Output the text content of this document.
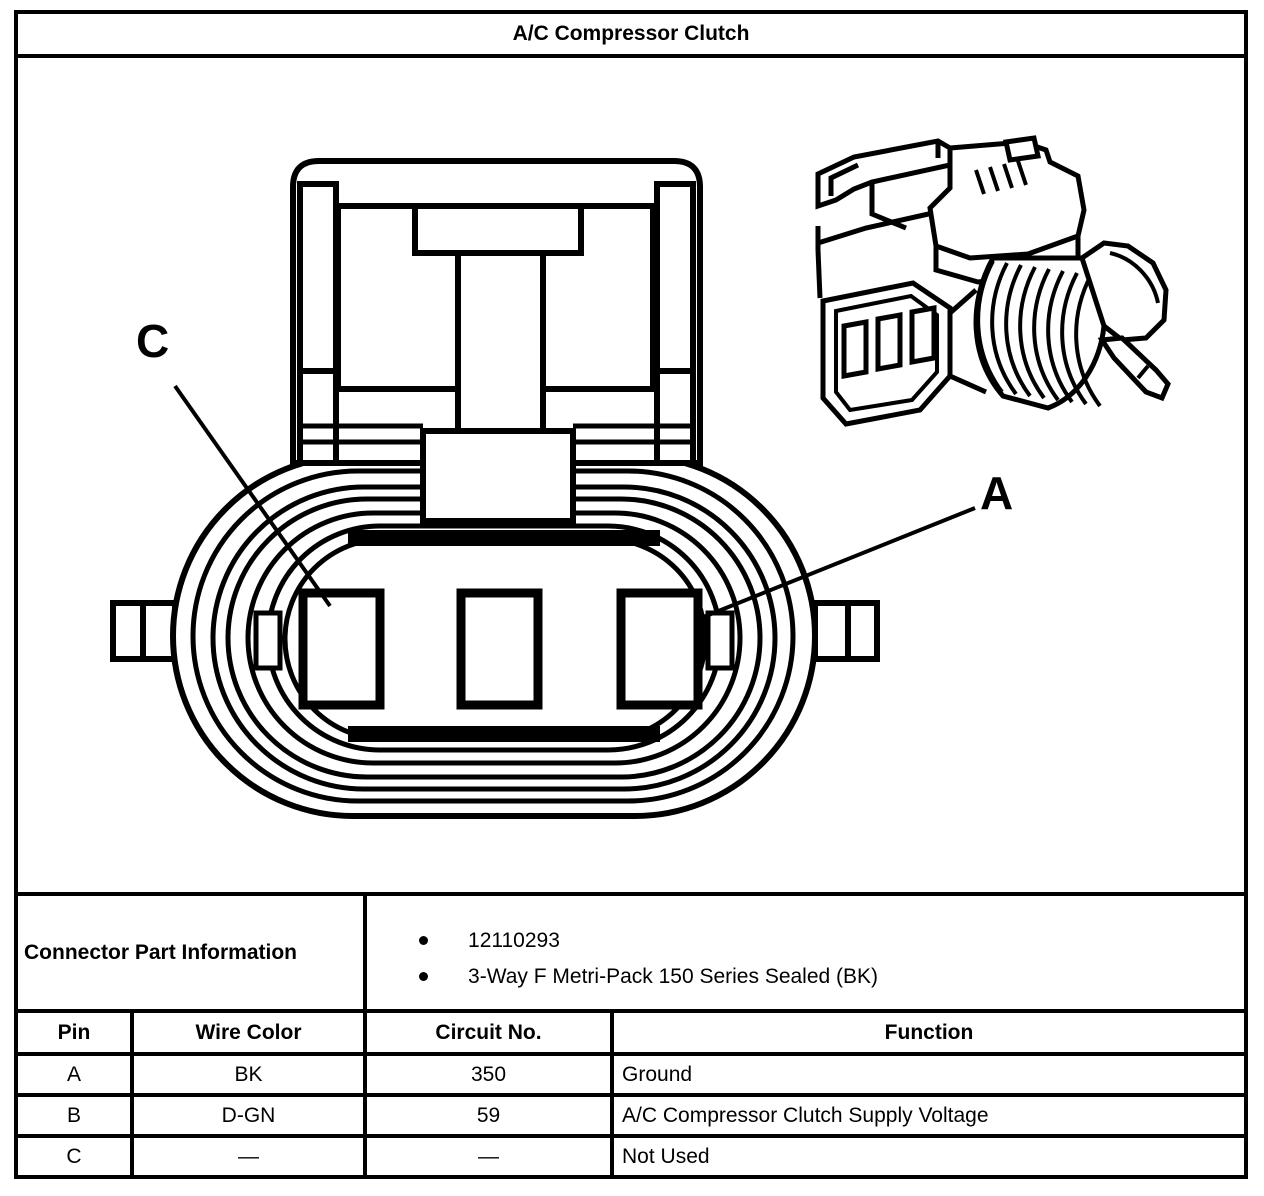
A/C Compressor Clutch
C
A
Connector Part Information		12110293
3-Way F Metri-Pack 150 Series Sealed (BK)	

Pin	Wire Color	Circuit No.	Function
A	BK	350	Ground
B	D-GN	59	A/C Compressor Clutch Supply Voltage
C	—	—	Not Used
